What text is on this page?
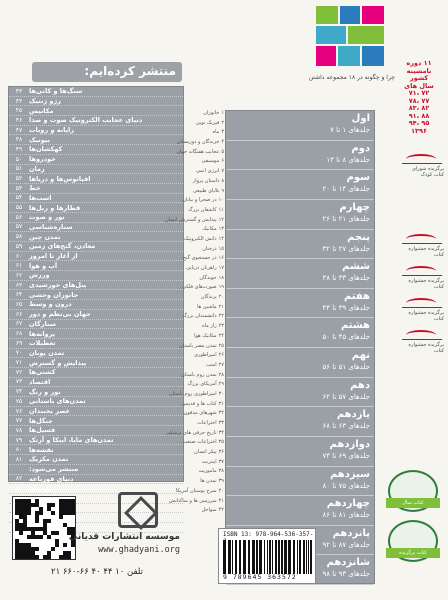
چرا و چگونه در ۱۸ مجموعه داشتن
۱۱ دوره
نامشینه
کشور
سال های
۷۲ ،۷۱
۷۷ ،۷۸
۸۲ ،۸۳
۸۸ ،۹۱
۹۵ ،۹۴
۱۳۹۶
منتشر کرده‌ایم:
۴۳	سنگ‌ها و کانی‌ها
۴۴	زژو ژنتیک
۴۵	مکانیس
۴۶	دنیای عجایب الکترونیک صوت و صدا
۴۷	رایانه و روبات
۴۸	بیونیک
۴۹	کهکشان‌ها
۵۰	خودروها
۵۱	زمان
۵۲	اقیانوس‌ها و دریاها
۵۳	خط
۵۴	اسب‌ها
۵۵	قطارها و ریل‌ها
۵۶	نور و صوت
۵۷	ستاره‌شناسی
۵۸	تمدن چین
۵۹	معادن، گنج‌های زمین
۶۰	از آغاز تا امروز
۶۱	آب و هوا
۶۲	ورزش
۶۳	پنل‌های خورشیدی
۶۴	جانوران وحشی
۶۵	درون و وسط
۶۶	جهان بی‌نظم و دور
۶۷	ستارگان
۶۸	پروانه‌ها
۶۹	تعطیلات
۷۰	تمدن یونان
۷۱	پیدایش و گسترش
۷۲	کشتی‌ها
۷۳	اقتصاد
۷۴	نور و رنگ
۷۵	تمدن‌های باستانی
۷۶	عصر یخبندان
۷۷	جنگل‌ها
۷۸	فسیل‌ها
۷۹	تمدن‌های مایا، اینکا و آزتک
۸۰	نقشه‌ها
۸۱	تمدن مکزیک
منتشر می‌شود:
۸۲	دنیای قورباغه
۸۳	گربه‌ها
موسسه انتشارات قدیانی
www.ghadyani.org
تلفن ۱۰ ۴۴ ۴۰ ۶۶-۶۶۰ ۲۱
۱جانوران
۲فیزیک نوین
۳ماه
۴خزندگان و دوزیستان
۵عجایب هفتگانه جهان
۶موسیقی
۷انرژی اتمی
۸داستان پرواز
۹بلایای طبیعی
۱۰در صحرا و بیابان
۱۱کاشفان بزرگ
۱۲پیدایش و گسترش انسان
۱۳مکانیک
۱۴دانش الکترونیک
۱۵درختان
۱۶در جستجوی گنج
۱۷راهزنان دریایی
۱۸جوندگان
۱۹صورت‌های فلکی
۲۰پرندگان
۲۱ماشین ها
۲۲دانشمندان بزرگ
۲۳راز ماه
۲۴مکانیک هوا
۲۵تمدن مصر باستان
۲۶امپراطوری
۲۷اسب
۲۸تمدن روم باستان
۲۹آمریکای بزرگ
۳۰امپراطوری روم باستان
۳۱کتاب ها و قدیمی
۳۲شهرهای مدفون
۳۳اختراعات
۳۴تاریخ حرفی های پزشکی
۳۵اختراعات صنعت
۳۶پیکر انسان
۳۷اینترنت
۳۸ماموریت
۳۹تمدن ها
۴۰سرخ پوستان آمریکا
۴۱سرزمین ها و ساکنانش
۴۲سواحل
اول
جلدهای ۱ تا ۷
دوم
جلدهای ۸ تا ۱۳
سوم
جلدهای ۱۴ تا ۲۰
چهارم
جلدهای ۲۱ تا ۲۶
پنجم
جلدهای ۲۷ تا ۳۲
ششم
جلدهای ۳۳ تا ۳۸
هفتم
جلدهای ۳۹ تا ۴۴
هشتم
جلدهای ۴۵ تا ۵۰
نهم
جلدهای ۵۱ تا ۵۶
دهم
جلدهای ۵۷ تا ۶۲
یازدهم
جلدهای ۶۳ تا ۶۸
دوازدهم
جلدهای ۶۹ تا ۷۴
سیزدهم
جلدهای ۷۵ تا ۸۰
چهاردهم
جلدهای ۸۱ تا ۸۶
پانزدهم
جلدهای ۸۷ تا ۹۲
شانزدهم
جلدهای ۹۳ تا ۹۸
برگزیده شورای کتاب کودک
برگزیده جشنواره کتاب
برگزیده جشنواره کتاب
برگزیده جشنواره کتاب
برگزیده جشنواره کتاب
کتاب سال
کتاب برگزیده
ISBN 13: 978-964-536-357-
9 789645 363572
